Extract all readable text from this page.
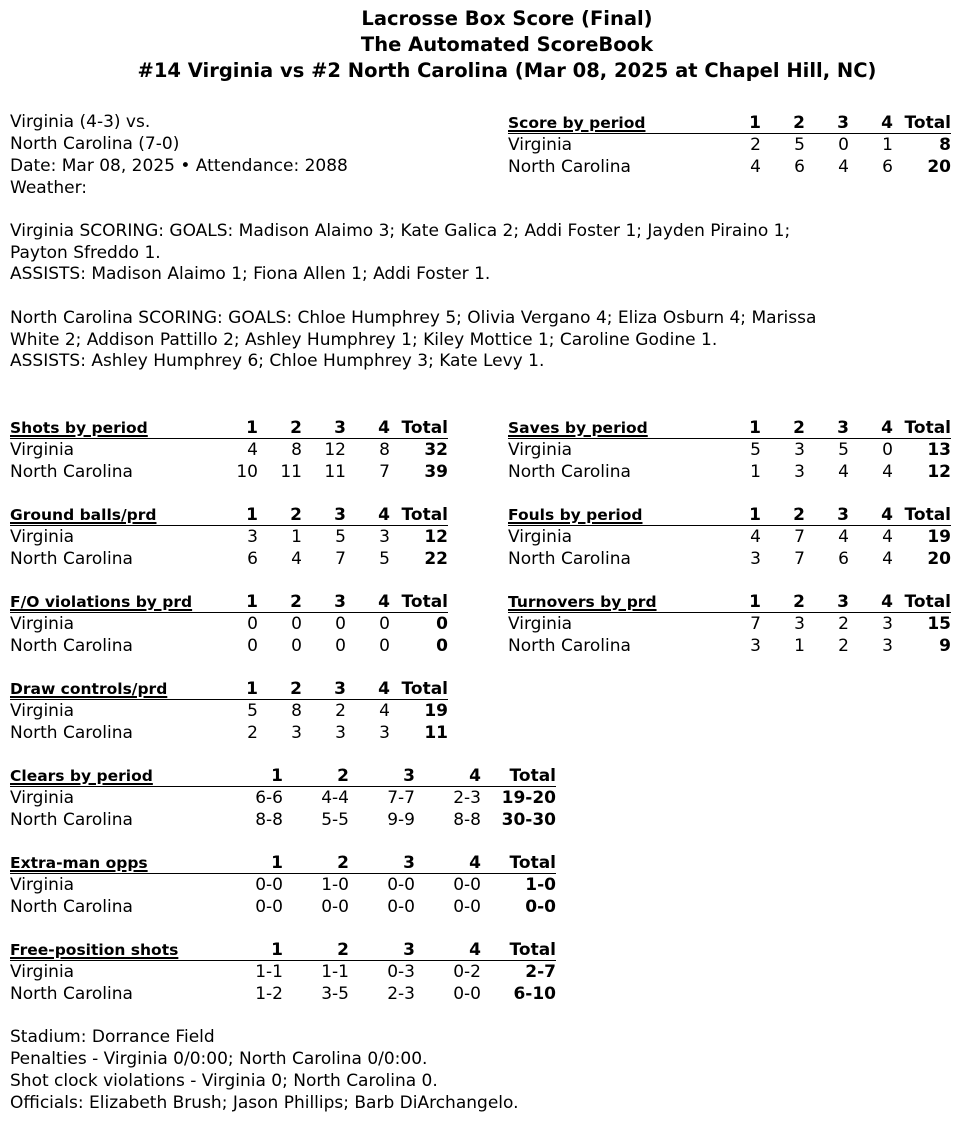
Lacrosse Box Score (Final)
The Automated ScoreBook
#14 Virginia vs #2 North Carolina (Mar 08, 2025 at Chapel Hill, NC)
Virginia (4-3) vs.
North Carolina (7-0)
Date: Mar 08, 2025 • Attendance: 2088
Weather:
Virginia SCORING: GOALS: Madison Alaimo 3; Kate Galica 2; Addi Foster 1; Jayden Piraino 1; Payton Sfreddo 1.
ASSISTS: Madison Alaimo 1; Fiona Allen 1; Addi Foster 1.
North Carolina SCORING: GOALS: Chloe Humphrey 5; Olivia Vergano 4; Eliza Osburn 4; Marissa White 2; Addison Pattillo 2; Ashley Humphrey 1; Kiley Mottice 1; Caroline Godine 1.
ASSISTS: Ashley Humphrey 6; Chloe Humphrey 3; Kate Levy 1.
Score by period	1	2	3	4	Total
Virginia	2	5	0	1	8
North Carolina	4	6	4	6	20
Shots by period	1	2	3	4	Total
Virginia	4	8	12	8	32
North Carolina	10	11	11	7	39
Saves by period	1	2	3	4	Total
Virginia	5	3	5	0	13
North Carolina	1	3	4	4	12
Ground balls/prd	1	2	3	4	Total
Virginia	3	1	5	3	12
North Carolina	6	4	7	5	22
Fouls by period	1	2	3	4	Total
Virginia	4	7	4	4	19
North Carolina	3	7	6	4	20
F/O violations by prd	1	2	3	4	Total
Virginia	0	0	0	0	0
North Carolina	0	0	0	0	0
Turnovers by prd	1	2	3	4	Total
Virginia	7	3	2	3	15
North Carolina	3	1	2	3	9
Draw controls/prd	1	2	3	4	Total
Virginia	5	8	2	4	19
North Carolina	2	3	3	3	11
Clears by period	1	2	3	4	Total
Virginia	6-6	4-4	7-7	2-3	19-20
North Carolina	8-8	5-5	9-9	8-8	30-30
Extra-man opps	1	2	3	4	Total
Virginia	0-0	1-0	0-0	0-0	1-0
North Carolina	0-0	0-0	0-0	0-0	0-0
Free-position shots	1	2	3	4	Total
Virginia	1-1	1-1	0-3	0-2	2-7
North Carolina	1-2	3-5	2-3	0-0	6-10
Stadium: Dorrance Field
Penalties - Virginia 0/0:00; North Carolina 0/0:00.
Shot clock violations - Virginia 0; North Carolina 0.
Officials: Elizabeth Brush; Jason Phillips; Barb DiArchangelo.
